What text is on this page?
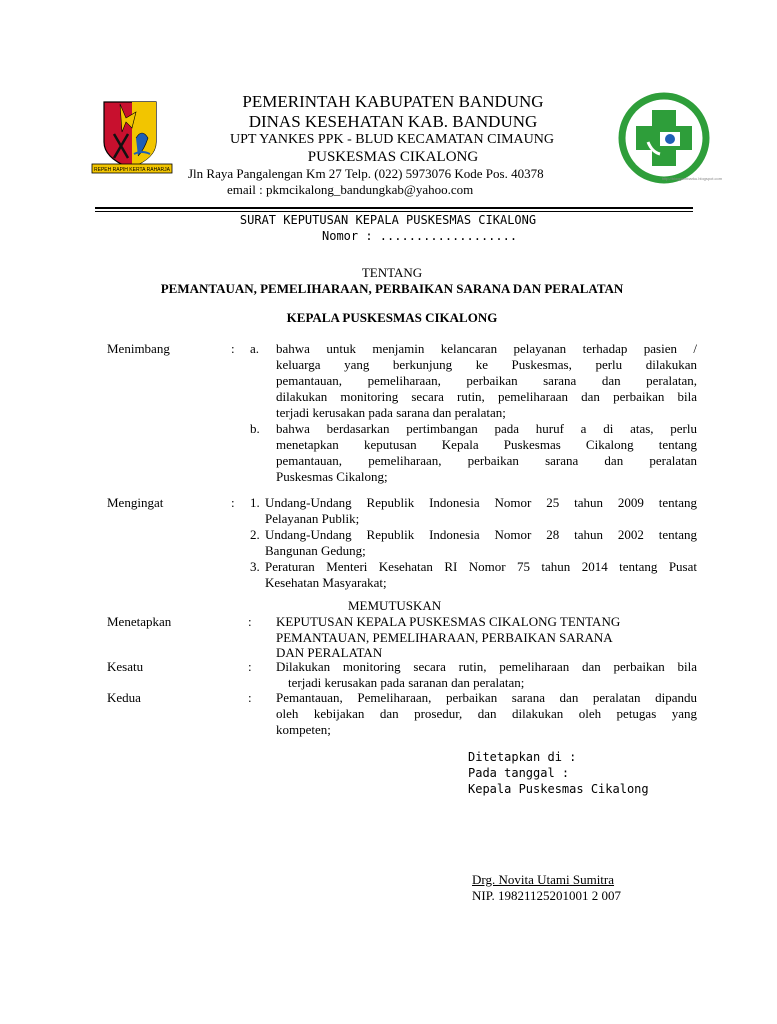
REPEH RAPIH KERTA RAHARJA
http://bloggambarku.blogspot.com
PEMERINTAH KABUPATEN BANDUNG
DINAS KESEHATAN KAB. BANDUNG
UPT YANKES PPK - BLUD KECAMATAN CIMAUNG
PUSKESMAS CIKALONG
Jln Raya Pangalengan Km 27 Telp. (022) 5973076 Kode Pos. 40378
email : pkmcikalong_bandungkab@yahoo.com
SURAT KEPUTUSAN KEPALA PUSKESMAS CIKALONG
Nomor : ...................
TENTANG
PEMANTAUAN, PEMELIHARAAN, PERBAIKAN SARANA DAN PERALATAN
KEPALA PUSKESMAS CIKALONG
Menimbang	: a. bahwa untuk menjamin kelancaran pelayanan terhadap pasien /
keluarga yang berkunjung ke Puskesmas, perlu dilakukan
pemantauan, pemeliharaan, perbaikan sarana dan peralatan,
dilakukan monitoring secara rutin, pemeliharaan dan perbaikan bila
terjadi kerusakan pada sarana dan peralatan;
b. bahwa berdasarkan pertimbangan pada huruf a di atas, perlu
menetapkan keputusan Kepala Puskesmas Cikalong tentang
pemantauan, pemeliharaan, perbaikan sarana dan peralatan
Puskesmas Cikalong;
Mengingat	: 1. Undang-Undang Republik Indonesia Nomor 25 tahun 2009 tentang
Pelayanan Publik;
2. Undang-Undang Republik Indonesia Nomor 28 tahun 2002 tentang
Bangunan Gedung;
3. Peraturan Menteri Kesehatan RI Nomor 75 tahun 2014 tentang Pusat
Kesehatan Masyarakat;
MEMUTUSKAN
Menetapkan	: KEPUTUSAN KEPALA PUSKESMAS CIKALONG TENTANG
PEMANTAUAN, PEMELIHARAAN, PERBAIKAN SARANA
DAN PERALATAN
Kesatu	: Dilakukan monitoring secara rutin, pemeliharaan dan perbaikan bila
terjadi kerusakan pada saranan dan peralatan;
Kedua	: Pemantauan, Pemeliharaan, perbaikan sarana dan peralatan dipandu
oleh kebijakan dan prosedur, dan dilakukan oleh petugas yang
kompeten;
Ditetapkan di :
Pada tanggal :
Kepala Puskesmas Cikalong
Drg. Novita Utami Sumitra
NIP. 19821125201001 2 007
